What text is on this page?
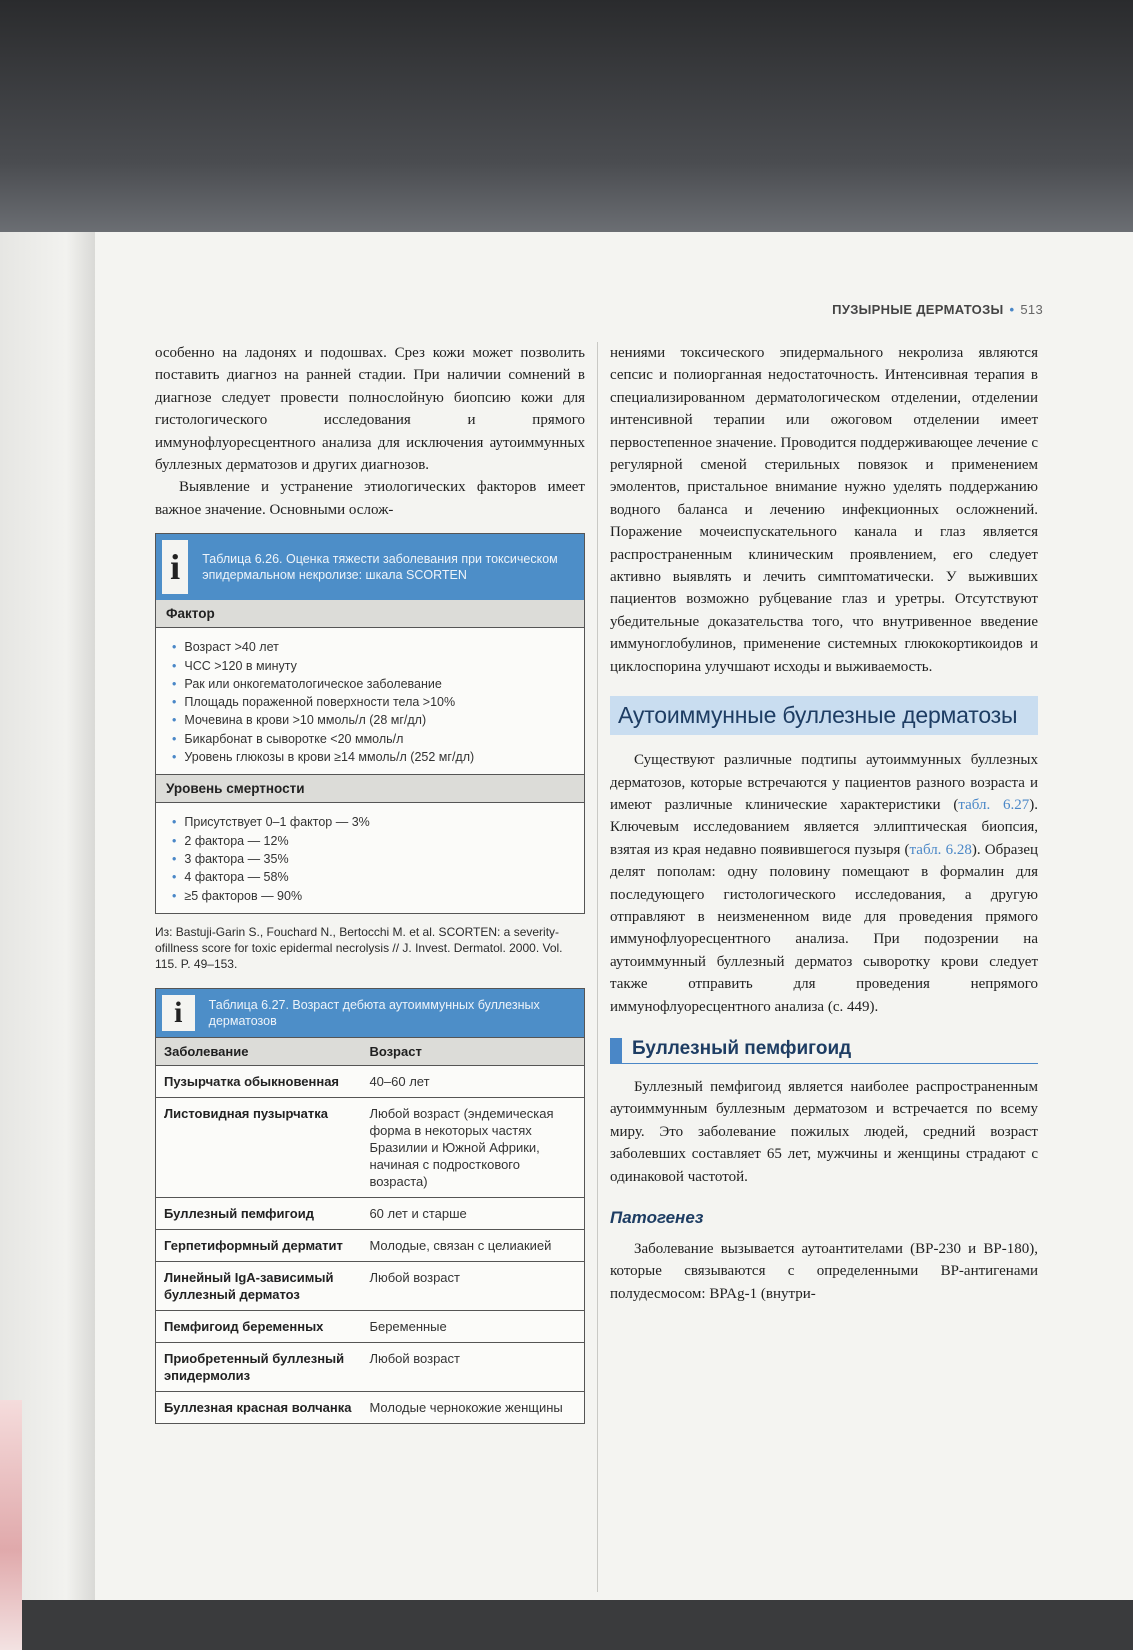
ПУЗЫРНЫЕ ДЕРМАТОЗЫ • 513

особенно на ладонях и подошвах. Срез кожи может позволить поставить диагноз на ранней стадии. При наличии сомнений в диагнозе следует провести полнослойную биопсию кожи для гистологического исследования и прямого иммунофлуоресцентного анализа для исключения аутоиммунных буллезных дерматозов и других диагнозов.

Выявление и устранение этиологических факторов имеет важное значение. Основными ослож-

i	Таблица 6.26. Оценка тяжести заболевания при токсическом эпидермальном некролизе: шкала SCORTEN
Фактор
• Возраст >40 лет
• ЧСС >120 в минуту
• Рак или онкогематологическое заболевание
• Площадь пораженной поверхности тела >10%
• Мочевина в крови >10 ммоль/л (28 мг/дл)
• Бикарбонат в сыворотке <20 ммоль/л
• Уровень глюкозы в крови ≥14 ммоль/л (252 мг/дл)
Уровень смертности
• Присутствует 0–1 фактор — 3%
• 2 фактора — 12%
• 3 фактора — 35%
• 4 фактора — 58%
• ≥5 факторов — 90%
Из: Bastuji-Garin S., Fouchard N., Bertocchi M. et al. SCORTEN: a severity-ofillness score for toxic epidermal necrolysis // J. Invest. Dermatol. 2000. Vol. 115. P. 49–153.
i	Таблица 6.27. Возраст дебюта аутоиммунных буллезных дерматозов
Заболевание	Возраст
Пузырчатка обыкновенная	40–60 лет
Листовидная пузырчатка	Любой возраст (эндемическая форма в некоторых частях Бразилии и Южной Африки, начиная с подросткового возраста)
Буллезный пемфигоид	60 лет и старше
Герпетиформный дерматит	Молодые, связан с целиакией
Линейный IgA-зависимый буллезный дерматоз	Любой возраст
Пемфигоид беременных	Беременные
Приобретенный буллезный эпидермолиз	Любой возраст
Буллезная красная волчанка	Молодые чернокожие женщины

нениями токсического эпидермального некролиза являются сепсис и полиорганная недостаточность. Интенсивная терапия в специализированном дерматологическом отделении, отделении интенсивной терапии или ожоговом отделении имеет первостепенное значение. Проводится поддерживающее лечение с регулярной сменой стерильных повязок и применением эмолентов, пристальное внимание нужно уделять поддержанию водного баланса и лечению инфекционных осложнений. Поражение мочеиспускательного канала и глаз является распространенным клиническим проявлением, его следует активно выявлять и лечить симптоматически. У выживших пациентов возможно рубцевание глаз и уретры. Отсутствуют убедительные доказательства того, что внутривенное введение иммуноглобулинов, применение системных глюкокортикоидов и циклоспорина улучшают исходы и выживаемость.

Аутоиммунные буллезные дерматозы

Существуют различные подтипы аутоиммунных буллезных дерматозов, которые встречаются у пациентов разного возраста и имеют различные клинические характеристики (табл. 6.27). Ключевым исследованием является эллиптическая биопсия, взятая из края недавно появившегося пузыря (табл. 6.28). Образец делят пополам: одну половину помещают в формалин для последующего гистологического исследования, а другую отправляют в неизмененном виде для проведения прямого иммунофлуоресцентного анализа. При подозрении на аутоиммунный буллезный дерматоз сыворотку крови следует также отправить для проведения непрямого иммунофлуоресцентного анализа (с. 449).

Буллезный пемфигоид

Буллезный пемфигоид является наиболее распространенным аутоиммунным буллезным дерматозом и встречается по всему миру. Это заболевание пожилых людей, средний возраст заболевших составляет 65 лет, мужчины и женщины страдают с одинаковой частотой.

Патогенез

Заболевание вызывается аутоантителами (BP-230 и BP-180), которые связываются с определенными BP-антигенами полудесмосом: BPAg-1 (внутри-
